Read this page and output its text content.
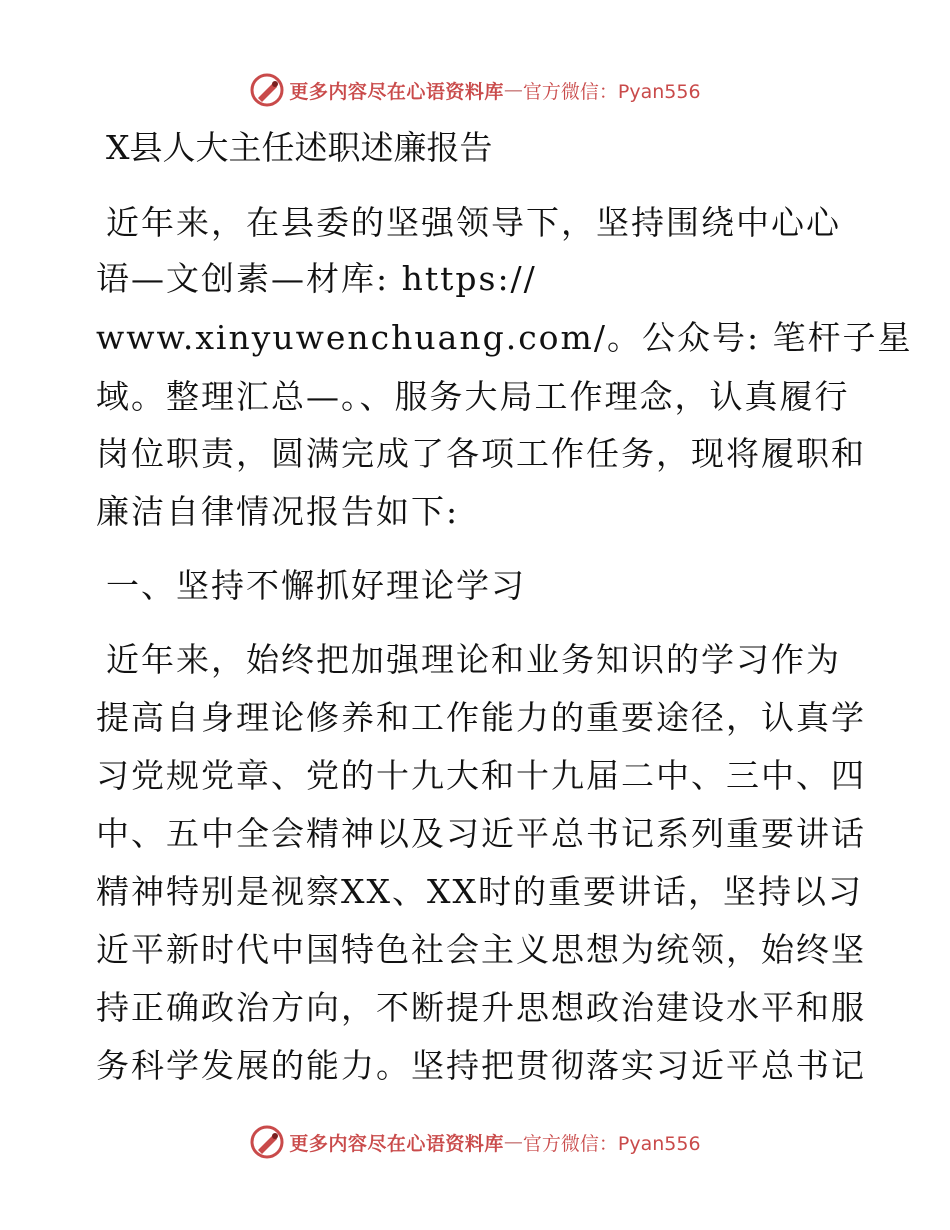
更多内容尽在心语资料库 — 官方微信：Pyan556
X县人大主任述职述廉报告

近年来，在县委的坚强领导下，坚持围绕中心心

语—文创素—材库: https://

www.xinyuwenchuang.com/。公众号: 笔杆子星

域。整理汇总—。、服务大局工作理念，认真履行

岗位职责，圆满完成了各项工作任务，现将履职和

廉洁自律情况报告如下:

一、坚持不懈抓好理论学习

近年来，始终把加强理论和业务知识的学习作为

提高自身理论修养和工作能力的重要途径，认真学

习党规党章、党的十九大和十九届二中、三中、四

中、五中全会精神以及习近平总书记系列重要讲话

精神特别是视察XX、XX时的重要讲话，坚持以习

近平新时代中国特色社会主义思想为统领，始终坚

持正确政治方向，不断提升思想政治建设水平和服

务科学发展的能力。坚持把贯彻落实习近平总书记

更多内容尽在心语资料库 — 官方微信：Pyan556
